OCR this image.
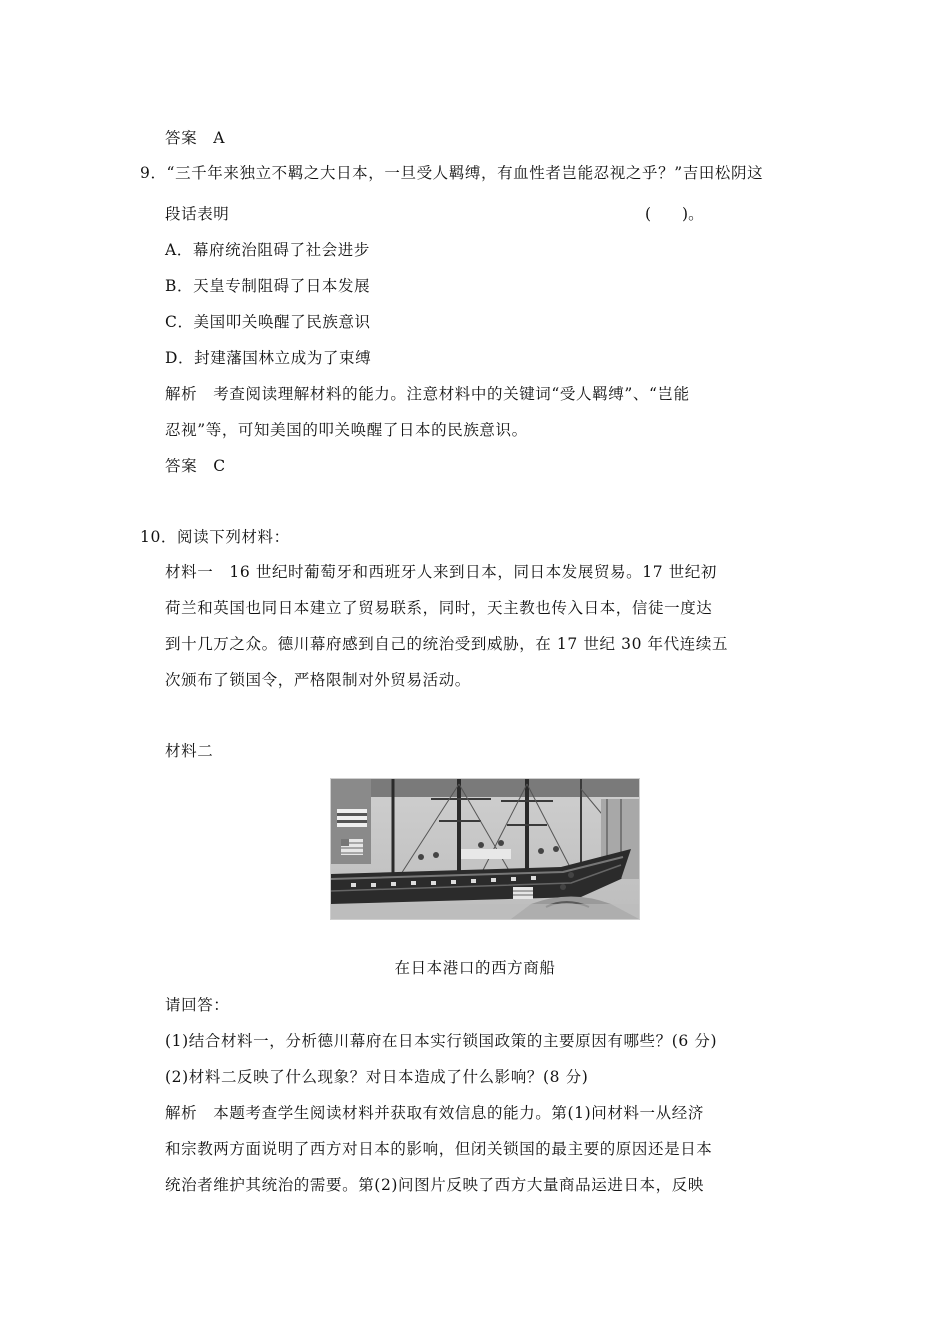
答案　A
9．“三千年来独立不羁之大日本，一旦受人羁缚，有血性者岂能忍视之乎？”吉田松阴这
段话表明	(　　)。
A．幕府统治阻碍了社会进步
B．天皇专制阻碍了日本发展
C．美国叩关唤醒了民族意识
D．封建藩国林立成为了束缚
解析　考查阅读理解材料的能力。注意材料中的关键词“受人羁缚”、“岂能
忍视”等，可知美国的叩关唤醒了日本的民族意识。
答案　C
10．阅读下列材料：
材料一　16 世纪时葡萄牙和西班牙人来到日本，同日本发展贸易。17 世纪初
荷兰和英国也同日本建立了贸易联系，同时，天主教也传入日本，信徒一度达
到十几万之众。德川幕府感到自己的统治受到威胁，在 17 世纪 30 年代连续五
次颁布了锁国令，严格限制对外贸易活动。
材料二
在日本港口的西方商船
请回答：
(1)结合材料一，分析德川幕府在日本实行锁国政策的主要原因有哪些？(6 分)
(2)材料二反映了什么现象？对日本造成了什么影响？(8 分)
解析　本题考查学生阅读材料并获取有效信息的能力。第(1)问材料一从经济
和宗教两方面说明了西方对日本的影响，但闭关锁国的最主要的原因还是日本
统治者维护其统治的需要。第(2)问图片反映了西方大量商品运进日本，反映
